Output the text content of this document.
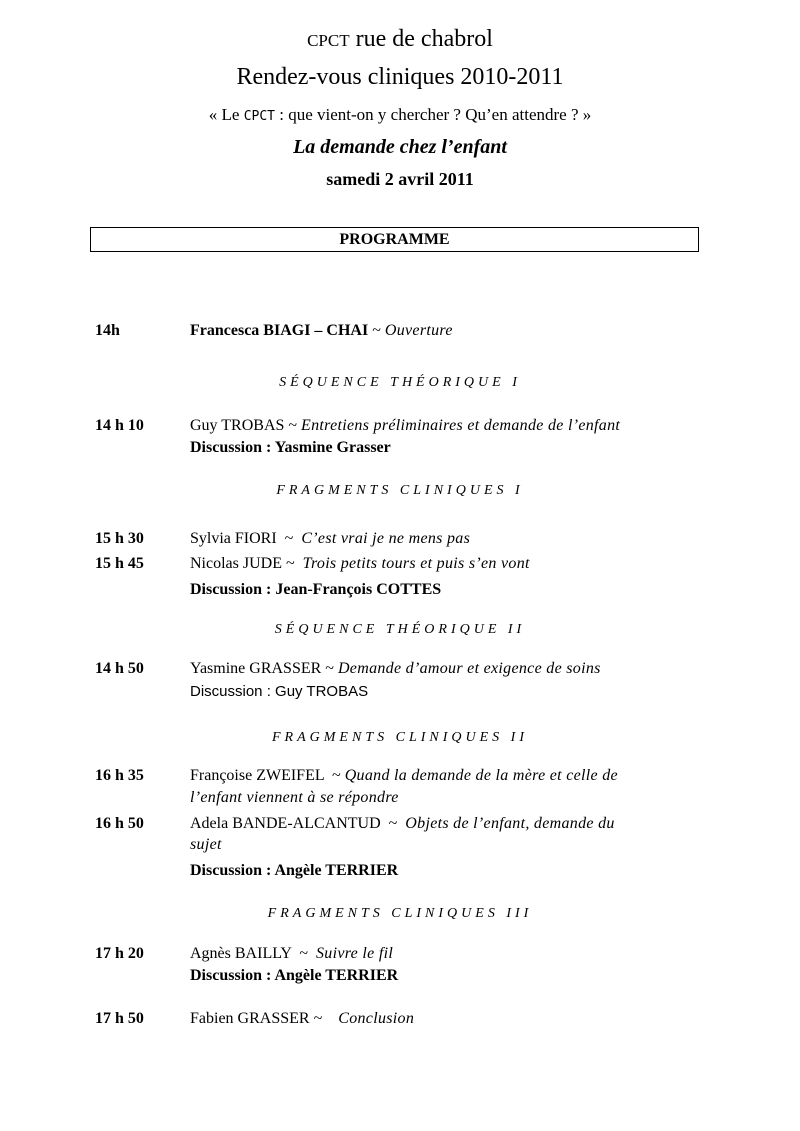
CPCT rue de chabrol
Rendez-vous cliniques 2010-2011
« Le CPCT : que vient-on y chercher ? Qu’en attendre ? »
La demande chez l’enfant
samedi 2 avril 2011
PROGRAMME
14h	Francesca BIAGI – CHAI ~ Ouverture
SÉQUENCE THÉORIQUE I
14 h 10	Guy TROBAS ~ Entretiens préliminaires et demande de l’enfant
Discussion : Yasmine Grasser
FRAGMENTS CLINIQUES I
15 h 30	Sylvia FIORI  ~  C’est vrai je ne mens pas
15 h 45	Nicolas JUDE ~  Trois petits tours et puis s’en vont
Discussion : Jean-François COTTES
SÉQUENCE THÉORIQUE II
14 h 50	Yasmine GRASSER ~ Demande d’amour et exigence de soins
Discussion : Guy TROBAS
FRAGMENTS CLINIQUES II
16 h 35	Françoise ZWEIFEL  ~ Quand la demande de la mère et celle de
l’enfant viennent à se répondre
16 h 50	Adela BANDE-ALCANTUD  ~  Objets de l’enfant, demande du
sujet
Discussion : Angèle TERRIER
FRAGMENTS CLINIQUES III
17 h 20	Agnès BAILLY  ~  Suivre le fil
Discussion : Angèle TERRIER
17 h 50	Fabien GRASSER ~    Conclusion
